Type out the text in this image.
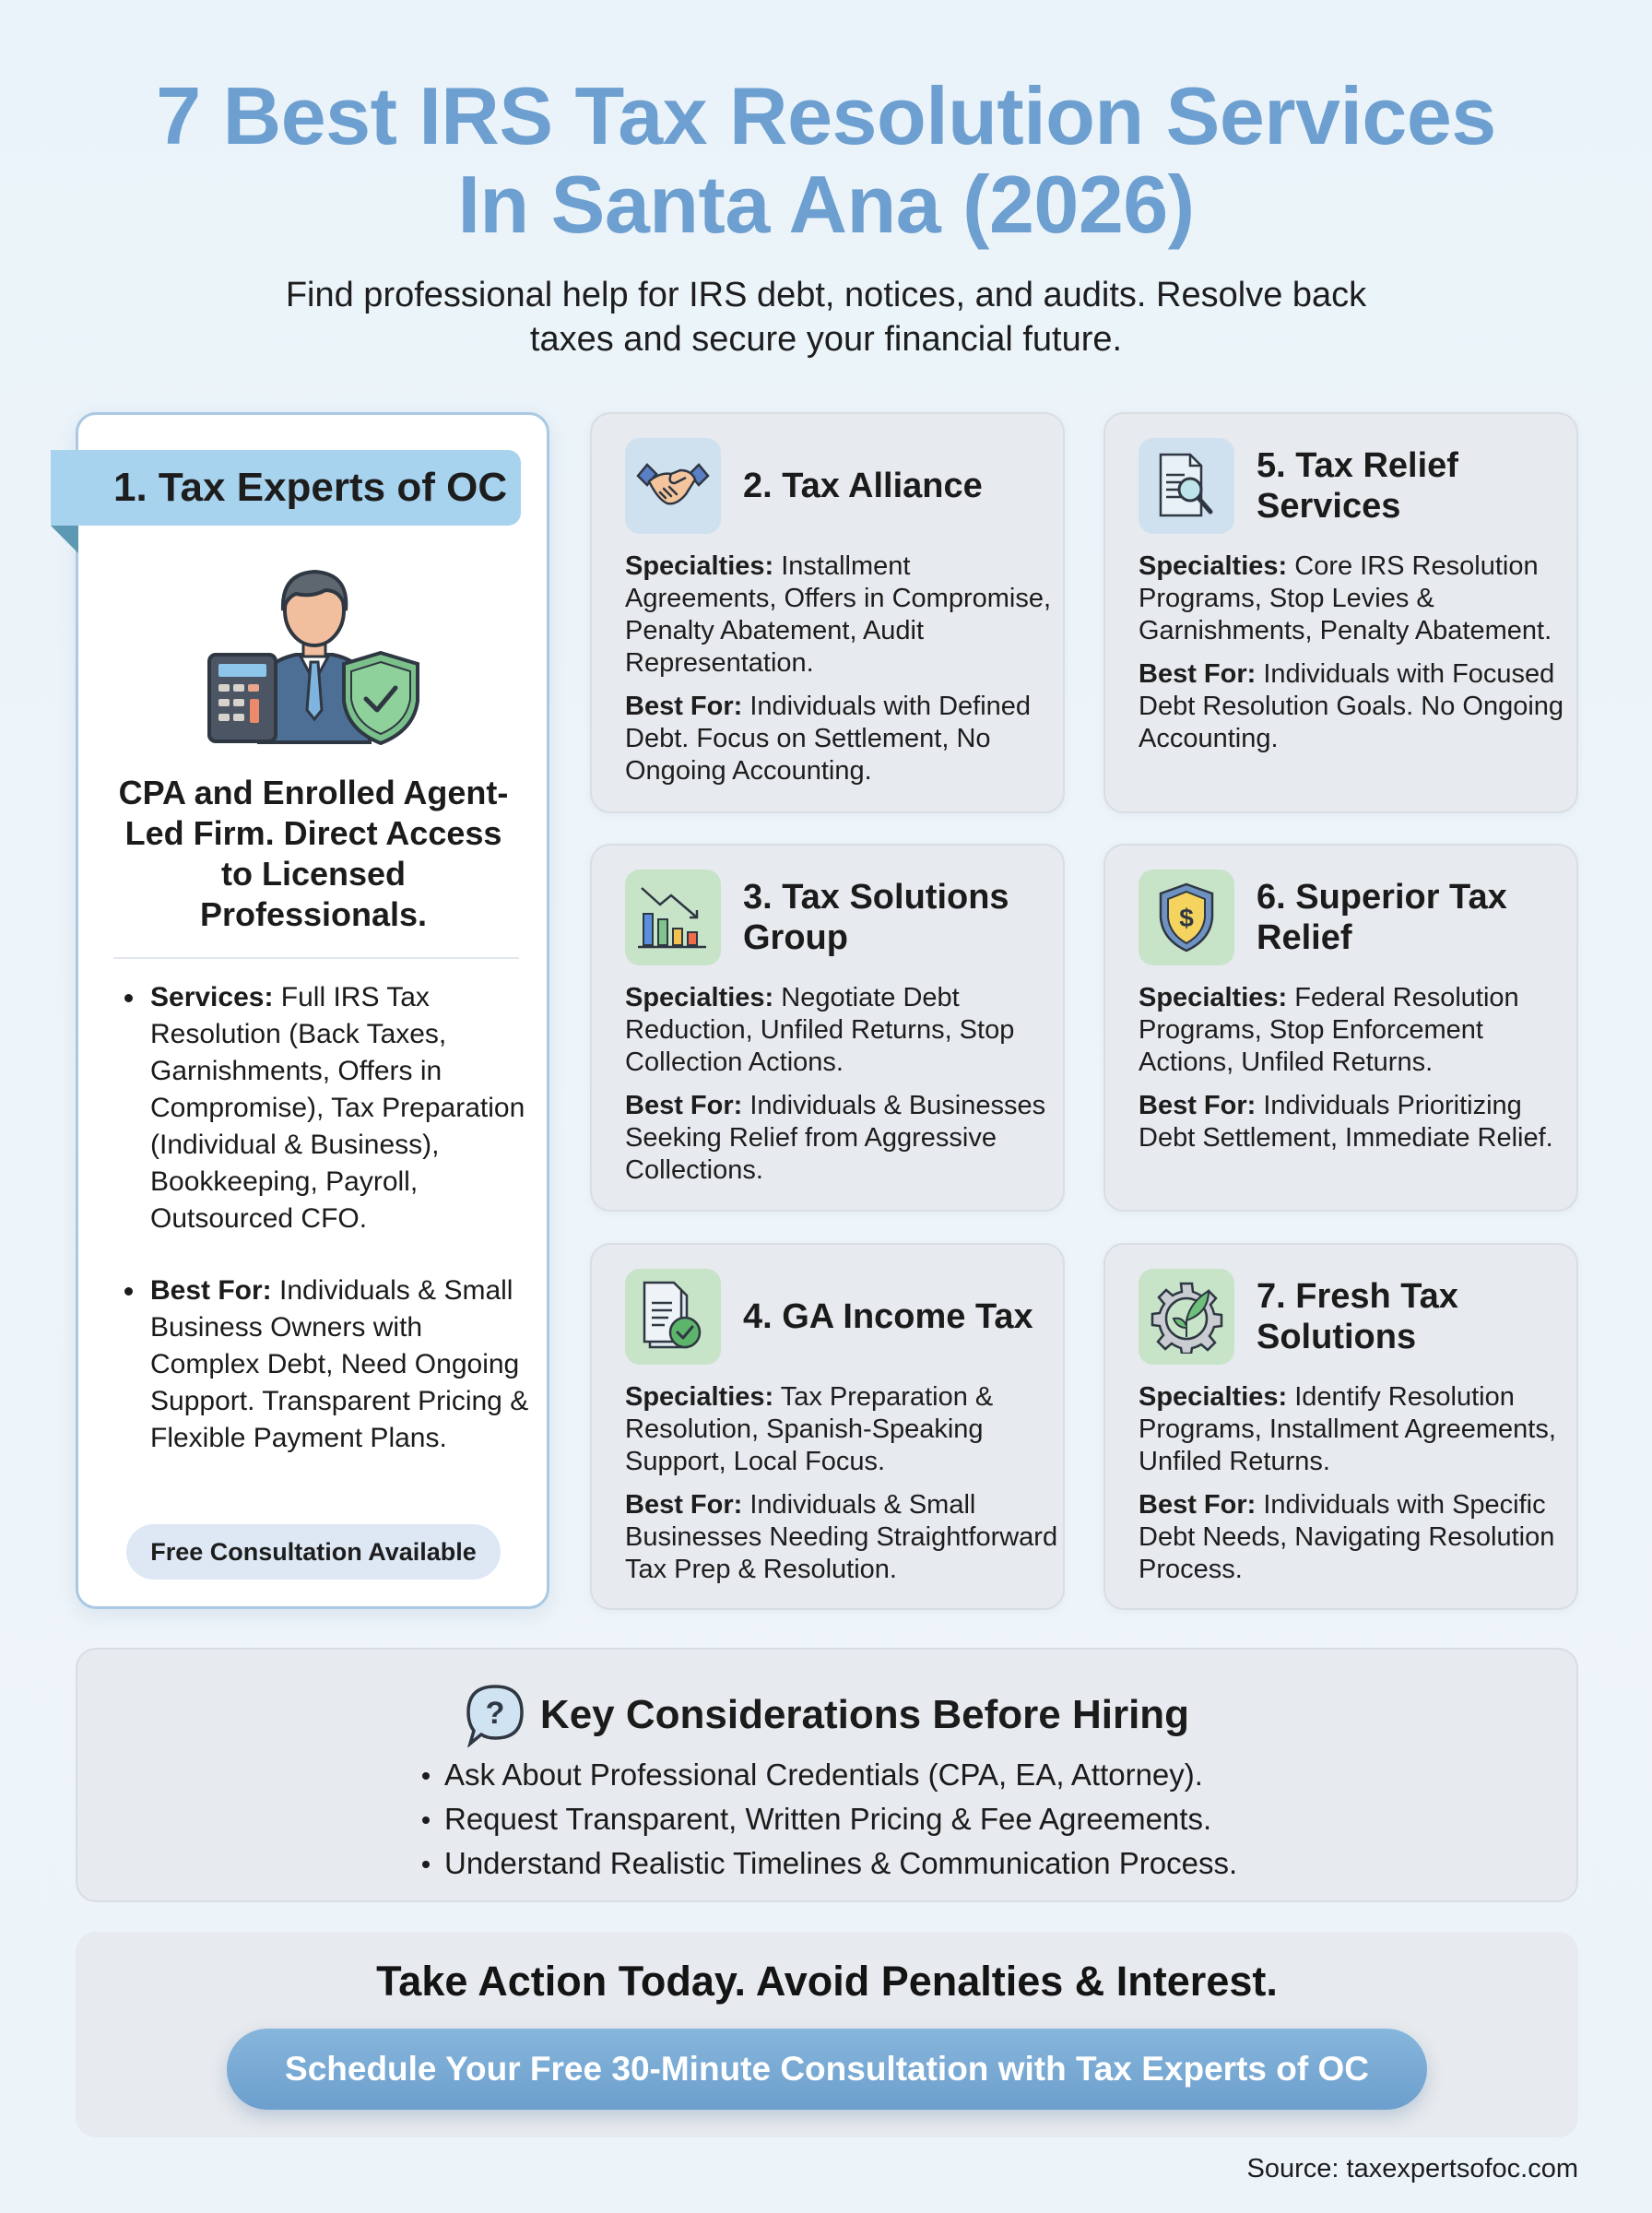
7 Best IRS Tax Resolution Services
In Santa Ana (2026)

Find professional help for IRS debt, notices, and audits. Resolve back
taxes and secure your financial future.

1. Tax Experts of OC
CPA and Enrolled Agent-Led Firm. Direct Access to Licensed Professionals.
Services: Full IRS Tax Resolution (Back Taxes, Garnishments, Offers in Compromise), Tax Preparation (Individual & Business), Bookkeeping, Payroll, Outsourced CFO.
Best For: Individuals & Small Business Owners with Complex Debt, Need Ongoing Support. Transparent Pricing & Flexible Payment Plans.
Free Consultation Available
2. Tax Alliance

Specialties: Installment Agreements, Offers in Compromise, Penalty Abatement, Audit Representation.

Best For: Individuals with Defined Debt. Focus on Settlement, No Ongoing Accounting.

5. Tax Relief Services

Specialties: Core IRS Resolution Programs, Stop Levies & Garnishments, Penalty Abatement.

Best For: Individuals with Focused Debt Resolution Goals. No Ongoing Accounting.

3. Tax Solutions Group

Specialties: Negotiate Debt Reduction, Unfiled Returns, Stop Collection Actions.

Best For: Individuals & Businesses Seeking Relief from Aggressive Collections.

$
6. Superior Tax Relief

Specialties: Federal Resolution Programs, Stop Enforcement Actions, Unfiled Returns.

Best For: Individuals Prioritizing Debt Settlement, Immediate Relief.

4. GA Income Tax

Specialties: Tax Preparation & Resolution, Spanish-Speaking Support, Local Focus.

Best For: Individuals & Small Businesses Needing Straightforward Tax Prep & Resolution.

7. Fresh Tax Solutions

Specialties: Identify Resolution Programs, Installment Agreements, Unfiled Returns.

Best For: Individuals with Specific Debt Needs, Navigating Resolution Process.

? Key Considerations Before Hiring
Ask About Professional Credentials (CPA, EA, Attorney).
Request Transparent, Written Pricing & Fee Agreements.
Understand Realistic Timelines & Communication Process.
Take Action Today. Avoid Penalties & Interest.
Schedule Your Free 30-Minute Consultation with Tax Experts of OC
Source: taxexpertsofoc.com
